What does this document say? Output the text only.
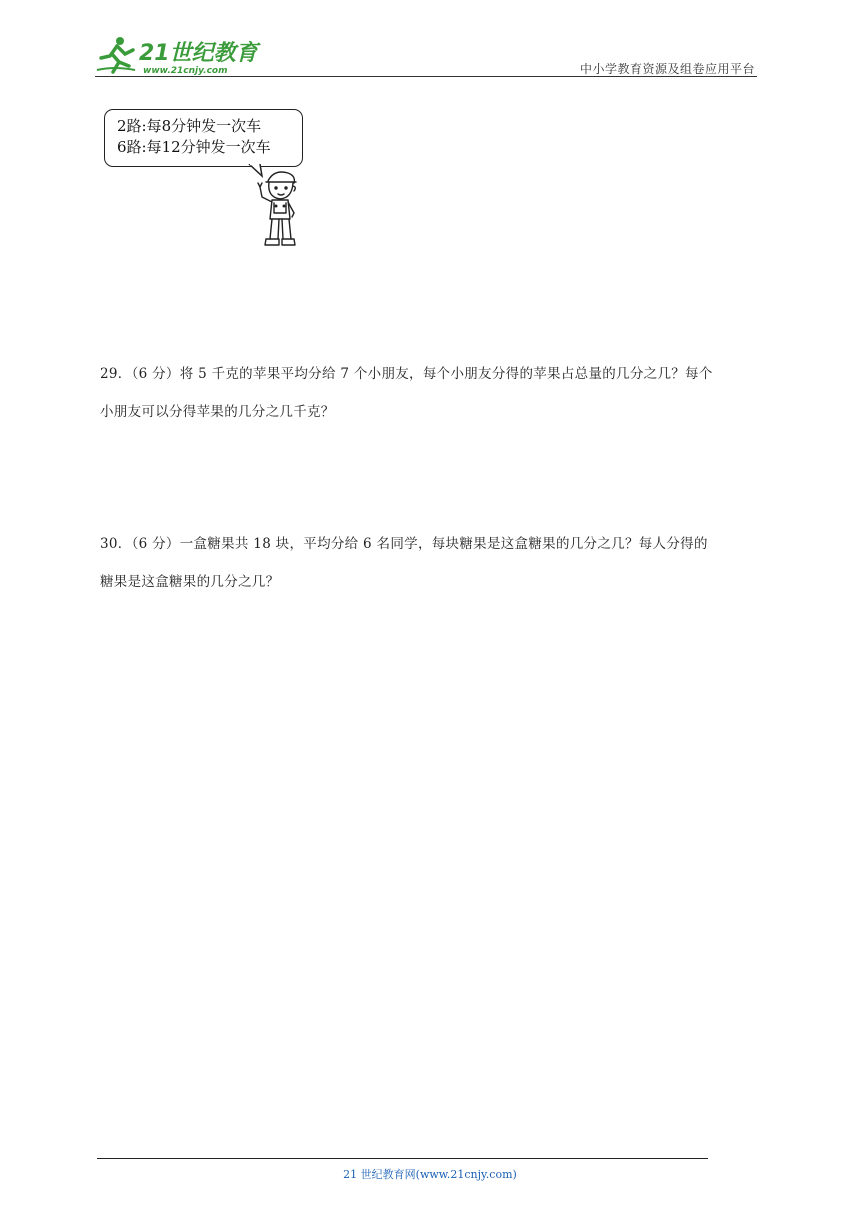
21世纪教育
www.21cnjy.com	中小学教育资源及组卷应用平台
2路:每8分钟发一次车
6路:每12分钟发一次车
29．（6 分）将 5 千克的苹果平均分给 7 个小朋友，每个小朋友分得的苹果占总量的几分之几？每个
小朋友可以分得苹果的几分之几千克？
30．（6 分）一盒糖果共 18 块，平均分给 6 名同学，每块糖果是这盒糖果的几分之几？每人分得的
糖果是这盒糖果的几分之几？
21 世纪教育网(www.21cnjy.com)
